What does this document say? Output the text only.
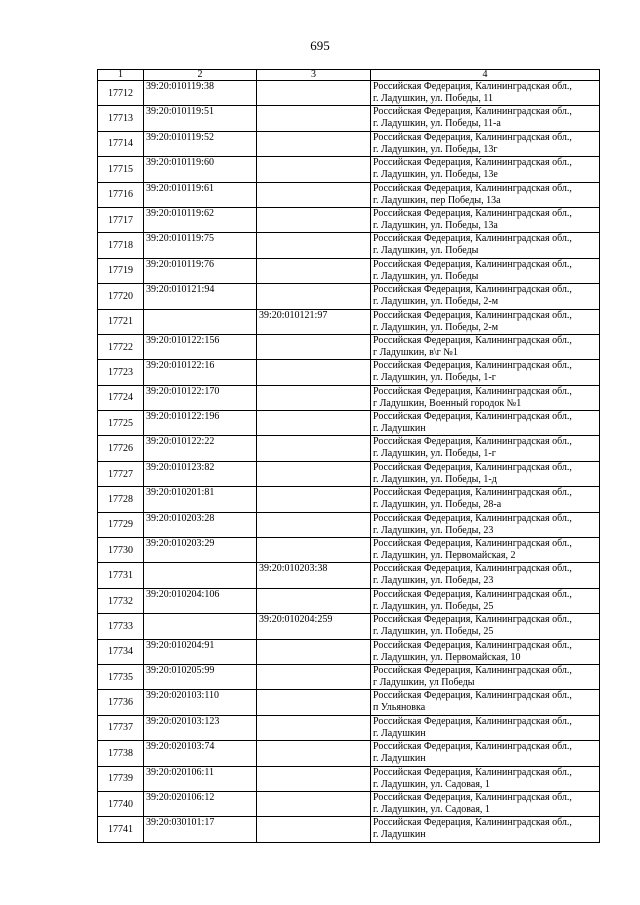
695
1	2	3	4
17712	39:20:010119:38		Российская Федерация, Калининградская обл.,
г. Ладушкин, ул. Победы, 11

17713	39:20:010119:51		Российская Федерация, Калининградская обл.,
г. Ладушкин, ул. Победы, 11-а

17714	39:20:010119:52		Российская Федерация, Калининградская обл.,
г. Ладушкин, ул. Победы, 13г

17715	39:20:010119:60		Российская Федерация, Калининградская обл.,
г. Ладушкин, ул. Победы, 13е

17716	39:20:010119:61		Российская Федерация, Калининградская обл.,
г. Ладушкин, пер Победы, 13а

17717	39:20:010119:62		Российская Федерация, Калининградская обл.,
г. Ладушкин, ул. Победы, 13а

17718	39:20:010119:75		Российская Федерация, Калининградская обл.,
г. Ладушкин, ул. Победы

17719	39:20:010119:76		Российская Федерация, Калининградская обл.,
г. Ладушкин, ул. Победы

17720	39:20:010121:94		Российская Федерация, Калининградская обл.,
г. Ладушкин, ул. Победы, 2-м

17721		39:20:010121:97	Российская Федерация, Калининградская обл.,
г. Ладушкин, ул. Победы, 2-м

17722	39:20:010122:156		Российская Федерация, Калининградская обл.,
г Ладушкин, в\г №1

17723	39:20:010122:16		Российская Федерация, Калининградская обл.,
г. Ладушкин, ул. Победы, 1-г

17724	39:20:010122:170		Российская Федерация, Калининградская обл.,
г Ладушкин, Военный городок №1

17725	39:20:010122:196		Российская Федерация, Калининградская обл.,
г. Ладушкин

17726	39:20:010122:22		Российская Федерация, Калининградская обл.,
г. Ладушкин, ул. Победы, 1-г

17727	39:20:010123:82		Российская Федерация, Калининградская обл.,
г. Ладушкин, ул. Победы, 1-д

17728	39:20:010201:81		Российская Федерация, Калининградская обл.,
г. Ладушкин, ул. Победы, 28-а

17729	39:20:010203:28		Российская Федерация, Калининградская обл.,
г. Ладушкин, ул. Победы, 23

17730	39:20:010203:29		Российская Федерация, Калининградская обл.,
г. Ладушкин, ул. Первомайская, 2

17731		39:20:010203:38	Российская Федерация, Калининградская обл.,
г. Ладушкин, ул. Победы, 23

17732	39:20:010204:106		Российская Федерация, Калининградская обл.,
г. Ладушкин, ул. Победы, 25

17733		39:20:010204:259	Российская Федерация, Калининградская обл.,
г. Ладушкин, ул. Победы, 25

17734	39:20:010204:91		Российская Федерация, Калининградская обл.,
г. Ладушкин, ул. Первомайская, 10

17735	39:20:010205:99		Российская Федерация, Калининградская обл.,
г Ладушкин, ул Победы

17736	39:20:020103:110		Российская Федерация, Калининградская обл.,
п Ульяновка

17737	39:20:020103:123		Российская Федерация, Калининградская обл.,
г. Ладушкин

17738	39:20:020103:74		Российская Федерация, Калининградская обл.,
г. Ладушкин

17739	39:20:020106:11		Российская Федерация, Калининградская обл.,
г. Ладушкин, ул. Садовая, 1

17740	39:20:020106:12		Российская Федерация, Калининградская обл.,
г. Ладушкин, ул. Садовая, 1

17741	39:20:030101:17		Российская Федерация, Калининградская обл.,
г. Ладушкин
